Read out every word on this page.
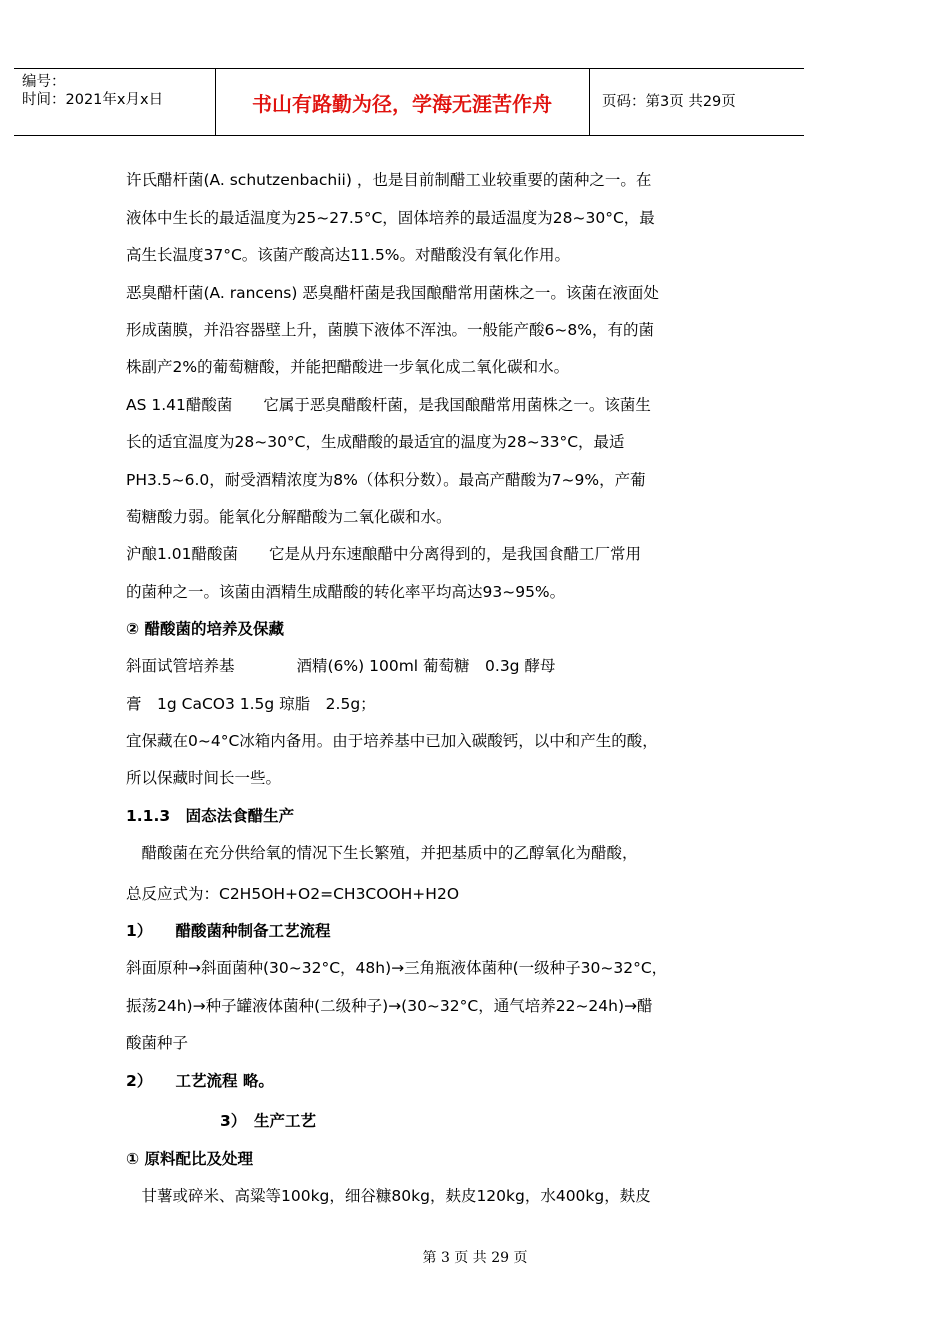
编号：
时间：2021年x月x日	书山有路勤为径，学海无涯苦作舟	页码：第3页 共29页
许氏醋杆菌(A. schutzenbachii) ，也是目前制醋工业较重要的菌种之一。在
液体中生长的最适温度为25~27.5°C，固体培养的最适温度为28~30°C，最
高生长温度37°C。该菌产酸高达11.5%。对醋酸没有氧化作用。
恶臭醋杆菌(A. rancens) 恶臭醋杆菌是我国酿醋常用菌株之一。该菌在液面处
形成菌膜，并沿容器壁上升，菌膜下液体不浑浊。一般能产酸6~8%，有的菌
株副产2%的葡萄糖酸，并能把醋酸进一步氧化成二氧化碳和水。
AS 1.41醋酸菌　　它属于恶臭醋酸杆菌，是我国酿醋常用菌株之一。该菌生
长的适宜温度为28~30°C，生成醋酸的最适宜的温度为28~33°C，最适
PH3.5~6.0，耐受酒精浓度为8%（体积分数）。最高产醋酸为7~9%，产葡
萄糖酸力弱。能氧化分解醋酸为二氧化碳和水。
沪酿1.01醋酸菌　　它是从丹东速酿醋中分离得到的，是我国食醋工厂常用
的菌种之一。该菌由酒精生成醋酸的转化率平均高达93~95%。
② 醋酸菌的培养及保藏
斜面试管培养基　　　　酒精(6%) 100ml 葡萄糖　0.3g 酵母
膏　1g CaCO3 1.5g 琼脂　2.5g；
宜保藏在0~4°C冰箱内备用。由于培养基中已加入碳酸钙，以中和产生的酸，
所以保藏时间长一些。
1.1.3　固态法食醋生产
　醋酸菌在充分供给氧的情况下生长繁殖，并把基质中的乙醇氧化为醋酸，
总反应式为：C2H5OH+O2=CH3COOH+H2O
1）　　醋酸菌种制备工艺流程
斜面原种→斜面菌种(30~32°C，48h)→三角瓶液体菌种(一级种子30~32°C，
振荡24h)→种子罐液体菌种(二级种子)→(30~32°C，通气培养22~24h)→醋
酸菌种子
2）　　工艺流程 略。
3）　生产工艺
① 原料配比及处理
　甘薯或碎米、高粱等100kg，细谷糠80kg，麸皮120kg，水400kg，麸皮
第 3 页 共 29 页
